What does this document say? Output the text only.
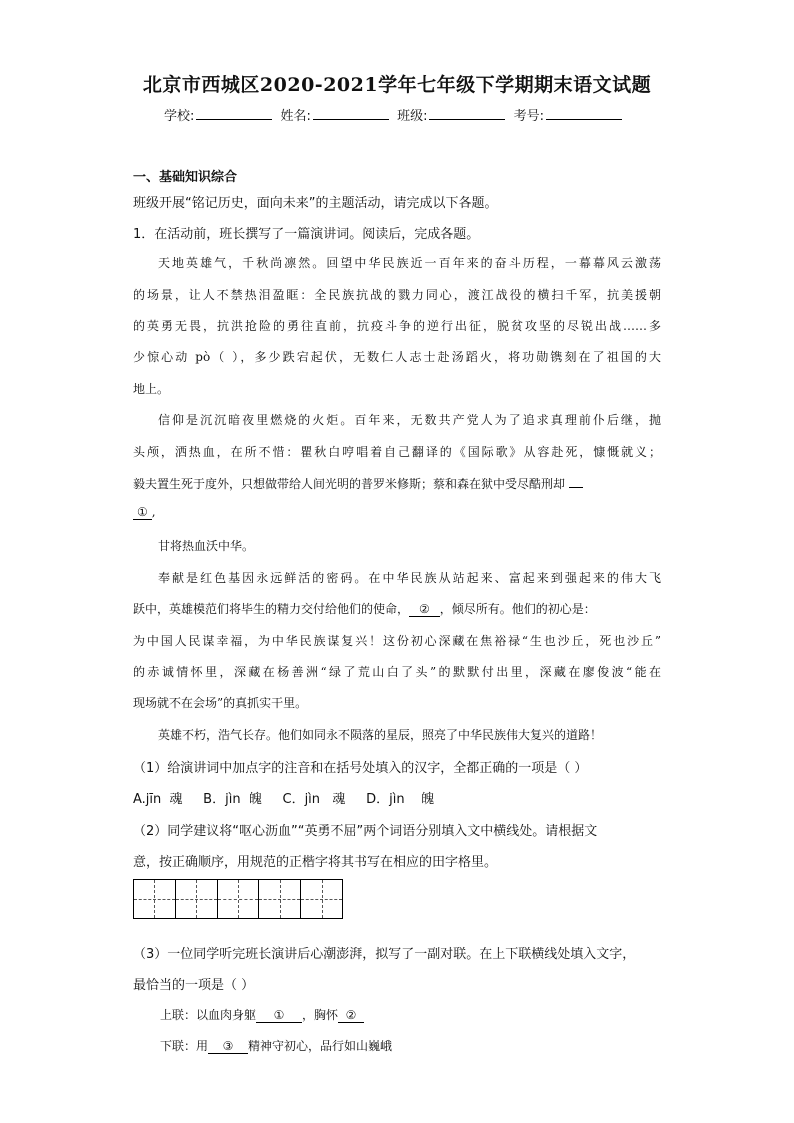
北京市西城区2020-2021学年七年级下学期期末语文试题
学校:	姓名:	班级:	考号:
一、基础知识综合
班级开展“铭记历史，面向未来”的主题活动，请完成以下各题。
1．在活动前，班长撰写了一篇演讲词。阅读后，完成各题。
天地英雄气，千秋尚凛然。回望中华民族近一百年来的奋斗历程，一幕幕风云激荡
的场景，让人不禁热泪盈眶：全民族抗战的戮力同心，渡江战役的横扫千军，抗美援朝
的英勇无畏，抗洪抢险的勇往直前，抗疫斗争的逆行出征，脱贫攻坚的尽锐出战……多
少惊心动 pò（ ），多少跌宕起伏，无数仁人志士赴汤蹈火，将功勋镌刻在了祖国的大
地上。
信仰是沉沉暗夜里燃烧的火炬。百年来，无数共产党人为了追求真理前仆后继，抛
头颅，洒热血，在所不惜：瞿秋白哼唱着自己翻译的《国际歌》从容赴死，慷慨就义；
毅夫置生死于度外，只想做带给人间光明的普罗米修斯；蔡和森在狱中受尽酷刑却
① ,
甘将热血沃中华。
奉献是红色基因永远鲜活的密码。在中华民族从站起来、富起来到强起来的伟大飞
跃中，英雄模范们将毕生的精力交付给他们的使命， ② ，倾尽所有。他们的初心是：
为中国人民谋幸福，为中华民族谋复兴！这份初心深藏在焦裕禄“生也沙丘，死也沙丘”
的赤诚情怀里，深藏在杨善洲“绿了荒山白了头”的默默付出里，深藏在廖俊波“能在
现场就不在会场”的真抓实干里。
英雄不朽，浩气长存。他们如同永不陨落的星辰，照亮了中华民族伟大复兴的道路！
（1）给演讲词中加点字的注音和在括号处填入的汉字，全都正确的一项是（ ）
A.jīn  魂     B．jìn  魄     C．jìn   魂     D．jìn    魄
（2）同学建议将“呕心沥血”“英勇不屈”两个词语分别填入文中横线处。请根据文
意，按正确顺序，用规范的正楷字将其书写在相应的田字格里。
（3）一位同学听完班长演讲后心潮澎湃，拟写了一副对联。在上下联横线处填入文字，
最恰当的一项是（ ）
上联：以血肉身躯 ① ，胸怀 ②
下联：用 ③ 精神守初心，品行如山巍峨
